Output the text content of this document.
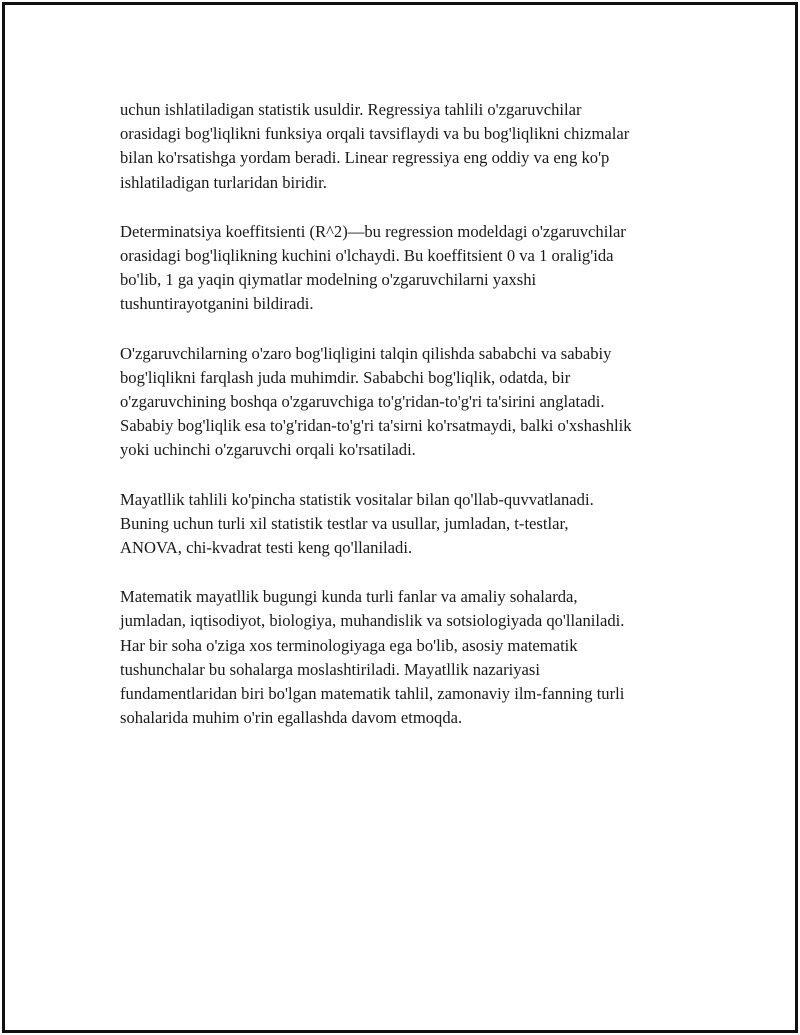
uchun ishlatiladigan statistik usuldir. Regressiya tahlili o'zgaruvchilar
orasidagi bog'liqlikni funksiya orqali tavsiflaydi va bu bog'liqlikni chizmalar
bilan ko'rsatishga yordam beradi. Linear regressiya eng oddiy va eng ko'p
ishlatiladigan turlaridan biridir.

Determinatsiya koeffitsienti (R^2)—bu regression modeldagi o'zgaruvchilar
orasidagi bog'liqlikning kuchini o'lchaydi. Bu koeffitsient 0 va 1 oralig'ida
bo'lib, 1 ga yaqin qiymatlar modelning o'zgaruvchilarni yaxshi
tushuntirayotganini bildiradi.

O'zgaruvchilarning o'zaro bog'liqligini talqin qilishda sababchi va sababiy
bog'liqlikni farqlash juda muhimdir. Sababchi bog'liqlik, odatda, bir
o'zgaruvchining boshqa o'zgaruvchiga to'g'ridan-to'g'ri ta'sirini anglatadi.
Sababiy bog'liqlik esa to'g'ridan-to'g'ri ta'sirni ko'rsatmaydi, balki o'xshashlik
yoki uchinchi o'zgaruvchi orqali ko'rsatiladi.

Mayatllik tahlili ko'pincha statistik vositalar bilan qo'llab-quvvatlanadi.
Buning uchun turli xil statistik testlar va usullar, jumladan, t-testlar,
ANOVA, chi-kvadrat testi keng qo'llaniladi.

Matematik mayatllik bugungi kunda turli fanlar va amaliy sohalarda,
jumladan, iqtisodiyot, biologiya, muhandislik va sotsiologiyada qo'llaniladi.
Har bir soha o'ziga xos terminologiyaga ega bo'lib, asosiy matematik
tushunchalar bu sohalarga moslashtiriladi. Mayatllik nazariyasi
fundamentlaridan biri bo'lgan matematik tahlil, zamonaviy ilm-fanning turli
sohalarida muhim o'rin egallashda davom etmoqda.
